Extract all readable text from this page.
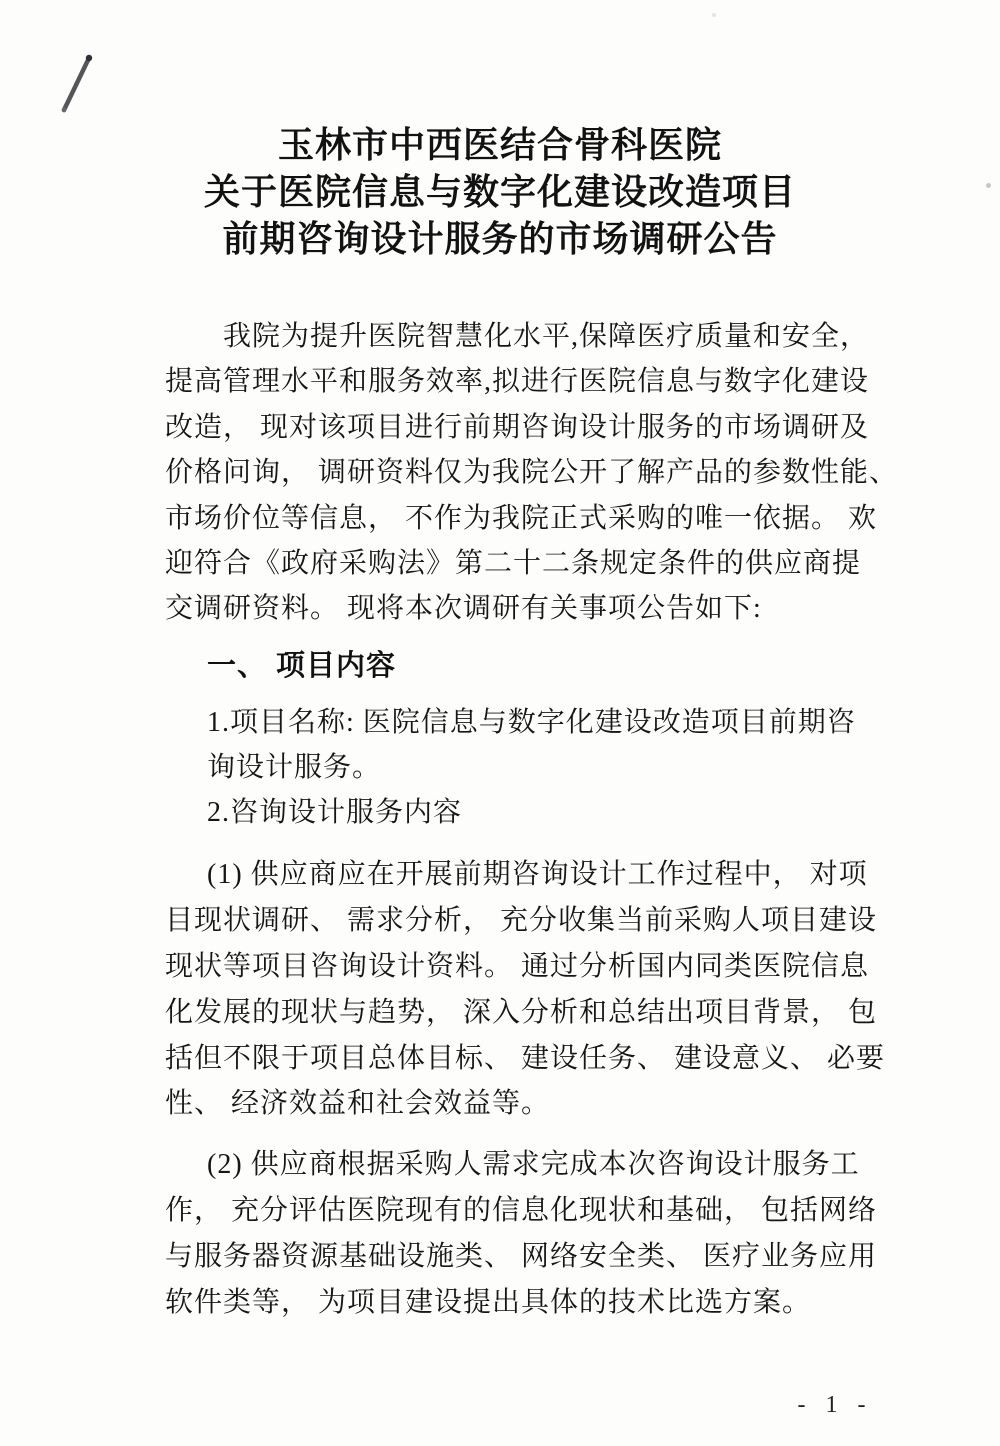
玉林市中西医结合骨科医院
关于医院信息与数字化建设改造项目
前期咨询设计服务的市场调研公告
我院为提升医院智慧化水平,保障医疗质量和安全，
提高管理水平和服务效率,拟进行医院信息与数字化建设
改造， 现对该项目进行前期咨询设计服务的市场调研及
价格问询， 调研资料仅为我院公开了解产品的参数性能、
市场价位等信息， 不作为我院正式采购的唯一依据。 欢
迎符合《政府采购法》第二十二条规定条件的供应商提
交调研资料。 现将本次调研有关事项公告如下:
一、 项目内容
1.项目名称: 医院信息与数字化建设改造项目前期咨
询设计服务。
2.咨询设计服务内容
(1) 供应商应在开展前期咨询设计工作过程中， 对项
目现状调研、 需求分析， 充分收集当前采购人项目建设
现状等项目咨询设计资料。 通过分析国内同类医院信息
化发展的现状与趋势， 深入分析和总结出项目背景， 包
括但不限于项目总体目标、 建设任务、 建设意义、 必要
性、 经济效益和社会效益等。
(2) 供应商根据采购人需求完成本次咨询设计服务工
作， 充分评估医院现有的信息化现状和基础， 包括网络
与服务器资源基础设施类、 网络安全类、 医疗业务应用
软件类等， 为项目建设提出具体的技术比选方案。
- 1 -
